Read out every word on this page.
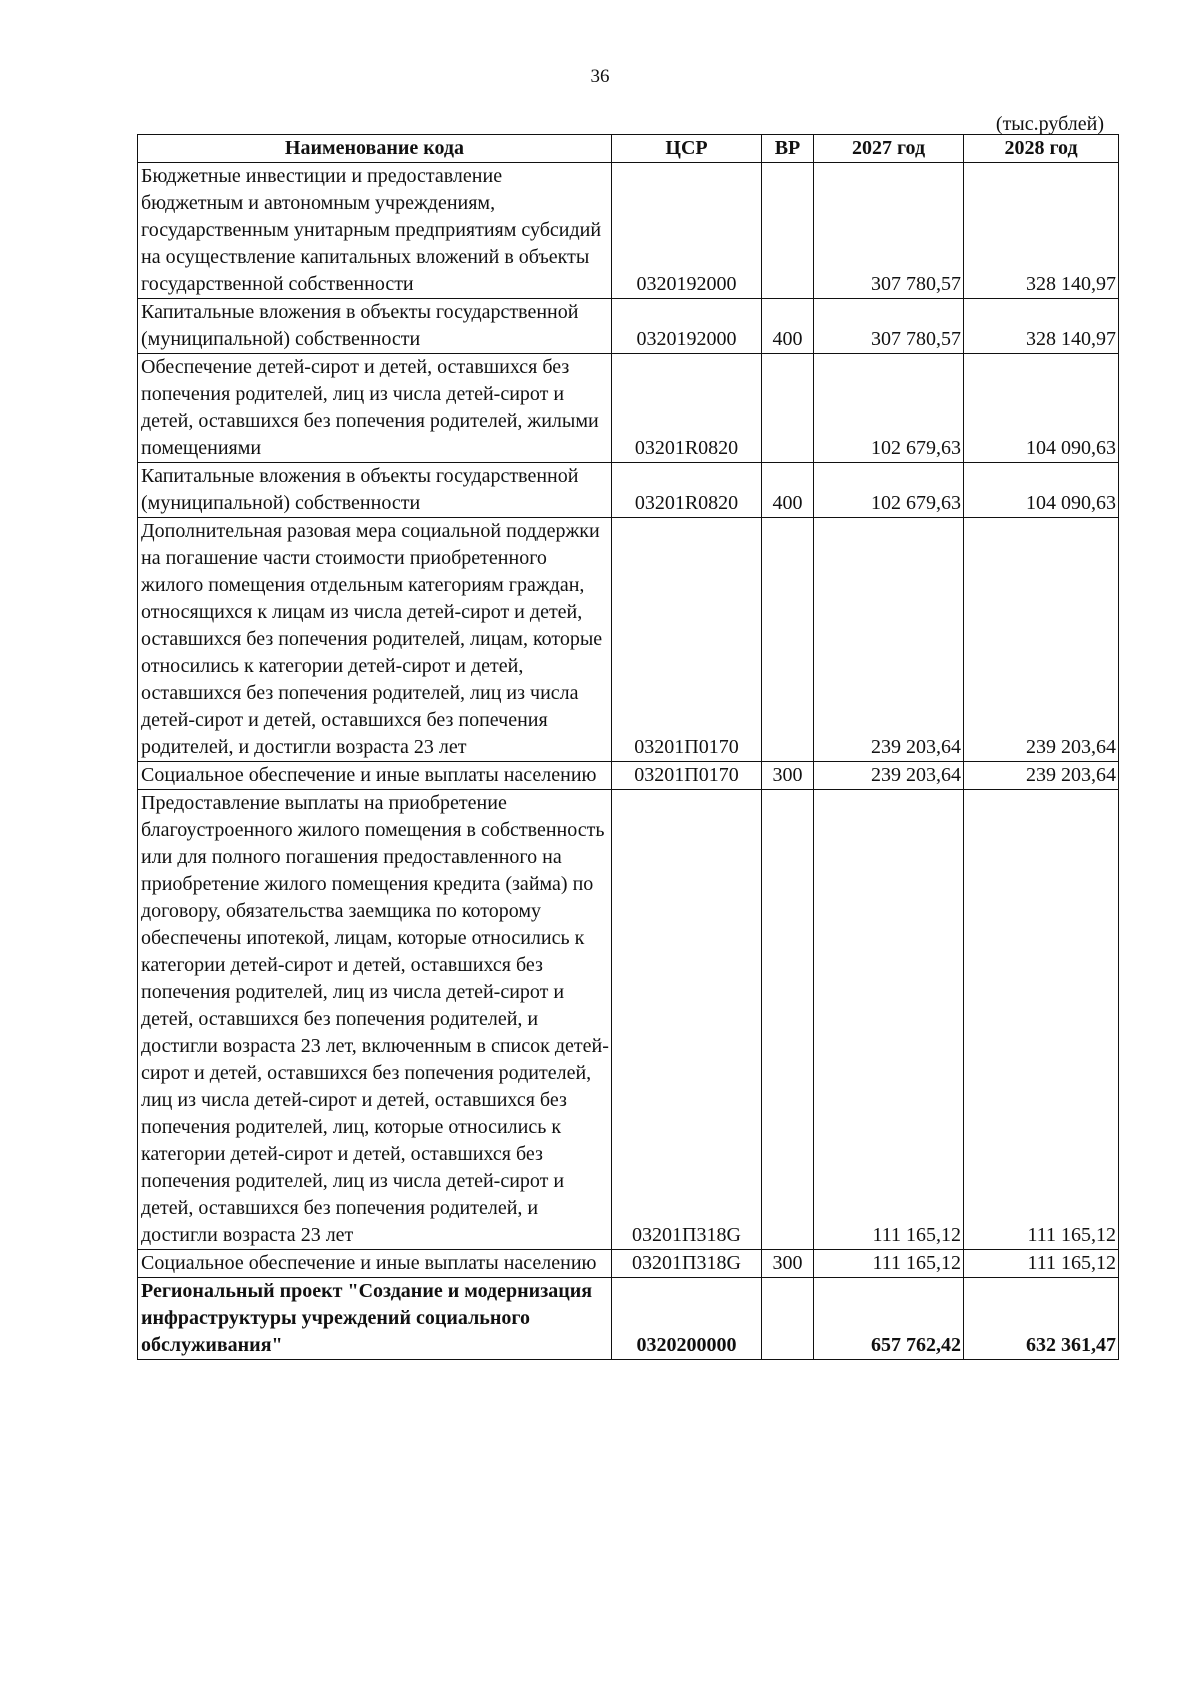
36
(тыс.рублей)
Наименование кода	ЦСР	ВР	2027 год	2028 год
Бюджетные инвестиции и предоставление бюджетным и автономным учреждениям, государственным унитарным предприятиям субсидий на осуществление капитальных вложений в объекты государственной собственности	0320192000		307 780,57	328 140,97
Капитальные вложения в объекты государственной (муниципальной) собственности	0320192000	400	307 780,57	328 140,97
Обеспечение детей-сирот и детей, оставшихся без попечения родителей, лиц из числа детей-сирот и детей, оставшихся без попечения родителей, жилыми помещениями	03201R0820		102 679,63	104 090,63
Капитальные вложения в объекты государственной (муниципальной) собственности	03201R0820	400	102 679,63	104 090,63
Дополнительная разовая мера социальной поддержки на погашение части стоимости приобретенного жилого помещения отдельным категориям граждан, относящихся к лицам из числа детей-сирот и детей, оставшихся без попечения родителей, лицам, которые относились к категории детей-сирот и детей, оставшихся без попечения родителей, лиц из числа детей-сирот и детей, оставшихся без попечения родителей, и достигли возраста 23 лет	03201П0170		239 203,64	239 203,64
Социальное обеспечение и иные выплаты населению	03201П0170	300	239 203,64	239 203,64
Предоставление выплаты на приобретение благоустроенного жилого помещения в собственность или для полного погашения предоставленного на приобретение жилого помещения кредита (займа) по договору, обязательства заемщика по которому обеспечены ипотекой, лицам, которые относились к категории детей-сирот и детей, оставшихся без попечения родителей, лиц из числа детей-сирот и детей, оставшихся без попечения родителей, и достигли возраста 23 лет, включенным в список детей-сирот и детей, оставшихся без попечения родителей, лиц из числа детей-сирот и детей, оставшихся без попечения родителей, лиц, которые относились к категории детей-сирот и детей, оставшихся без попечения родителей, лиц из числа детей-сирот и детей, оставшихся без попечения родителей, и достигли возраста 23 лет	03201П318G		111 165,12	111 165,12
Социальное обеспечение и иные выплаты населению	03201П318G	300	111 165,12	111 165,12
Региональный проект "Создание и модернизация инфраструктуры учреждений социального обслуживания"	0320200000		657 762,42	632 361,47
